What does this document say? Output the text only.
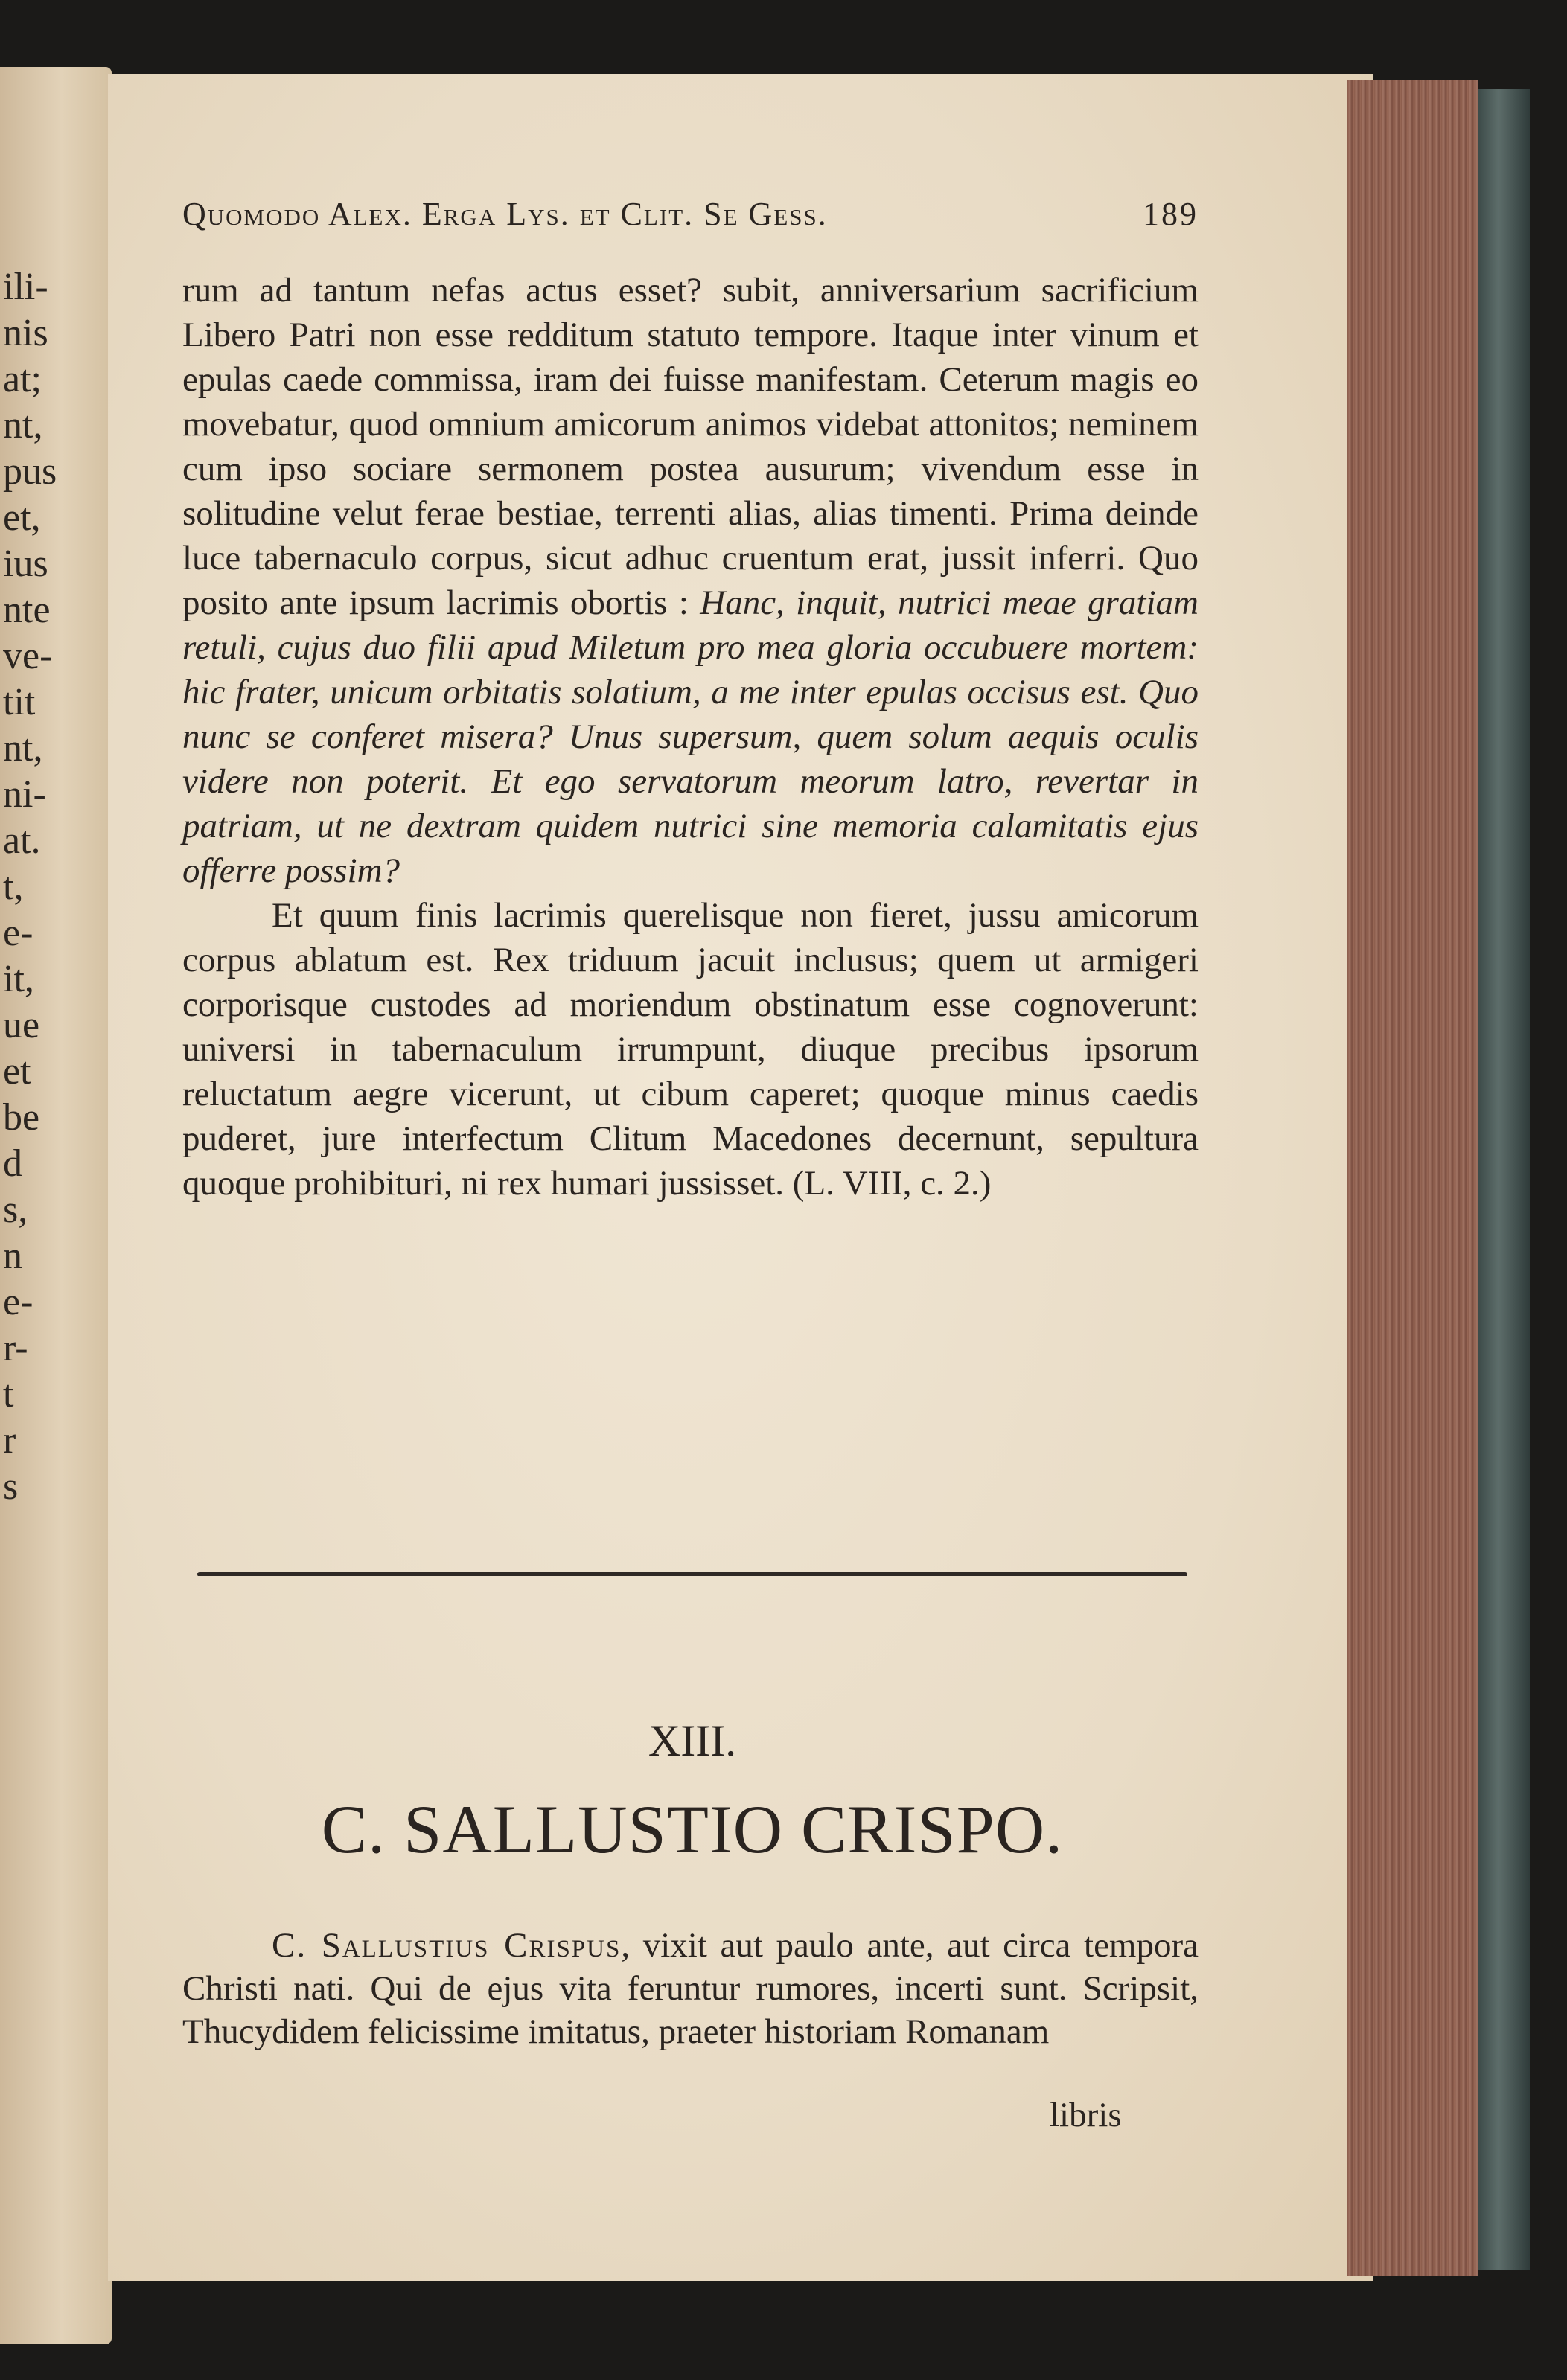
ili-
nis
at;
nt,
pus
et,
ius
nte
ve-
tit
nt,
ni-
at.
t,
e-
it,
ue
et
be
d
s,
n
e-
r-
t
r
s
Quomodo Alex. Erga Lys. et Clit. Se Gess.	189

rum ad tantum nefas actus esset? subit, anniversarium sacrificium Libero Patri non esse redditum statuto tempore. Itaque inter vinum et epulas caede commissa, iram dei fuisse manifestam. Ceterum magis eo movebatur, quod omnium amicorum animos videbat attonitos; neminem cum ipso sociare sermonem postea ausurum; vivendum esse in solitudine velut ferae bestiae, terrenti alias, alias timenti. Prima deinde luce tabernaculo corpus, sicut adhuc cruentum erat, jussit inferri. Quo posito ante ipsum lacrimis obortis : Hanc, inquit, nutrici meae gratiam retuli, cujus duo filii apud Miletum pro mea gloria occubuere mortem: hic frater, unicum orbitatis solatium, a me inter epulas occisus est. Quo nunc se conferet misera? Unus supersum, quem solum aequis oculis videre non poterit. Et ego servatorum meorum latro, revertar in patriam, ut ne dextram quidem nutrici sine memoria calamitatis ejus offerre possim?

Et quum finis lacrimis querelisque non fieret, jussu amicorum corpus ablatum est. Rex triduum jacuit inclusus; quem ut armigeri corporisque custodes ad moriendum obstinatum esse cognoverunt: universi in tabernaculum irrumpunt, diuque precibus ipsorum reluctatum aegre vicerunt, ut cibum caperet; quoque minus caedis puderet, jure interfectum Clitum Macedones decernunt, sepultura quoque prohibituri, ni rex humari jussisset. (L. VIII, c. 2.)

XIII.
C. SALLUSTIO CRISPO.

C. Sallustius Crispus, vixit aut paulo ante, aut circa tempora Christi nati. Qui de ejus vita feruntur rumores, incerti sunt. Scripsit, Thucydidem felicissime imitatus, praeter historiam Romanam

libris
